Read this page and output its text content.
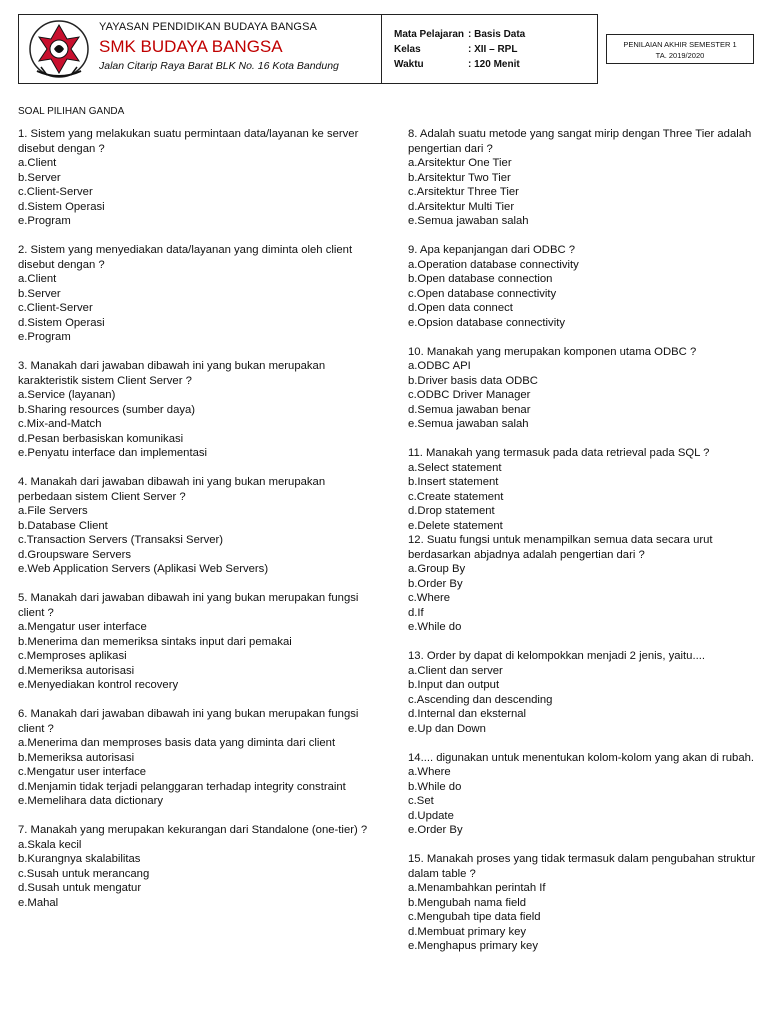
YAYASAN PENDIDIKAN BUDAYA BANGSA
SMK BUDAYA BANGSA
Jalan Citarip Raya Barat BLK No. 16 Kota Bandung
Mata Pelajaran : Basis Data
Kelas	: XII – RPL
Waktu	: 120 Menit
PENILAIAN AKHIR SEMESTER 1
TA. 2019/2020
SOAL PILIHAN GANDA
1. Sistem yang melakukan suatu permintaan data/layanan ke server disebut dengan ?
a.Client
b.Server
c.Client-Server
d.Sistem Operasi
e.Program
2. Sistem yang menyediakan data/layanan yang diminta oleh client disebut dengan ?
a.Client
b.Server
c.Client-Server
d.Sistem Operasi
e.Program
3. Manakah dari jawaban dibawah ini yang bukan merupakan karakteristik sistem Client Server ?
a.Service (layanan)
b.Sharing resources (sumber daya)
c.Mix-and-Match
d.Pesan berbasiskan komunikasi
e.Penyatu interface dan implementasi
4. Manakah dari jawaban dibawah ini yang bukan merupakan perbedaan sistem Client Server ?
a.File Servers
b.Database Client
c.Transaction Servers (Transaksi Server)
d.Groupsware Servers
e.Web Application Servers (Aplikasi Web Servers)
5. Manakah dari jawaban dibawah ini yang bukan merupakan fungsi client ?
a.Mengatur user interface
b.Menerima dan memeriksa sintaks input dari pemakai
c.Memproses aplikasi
d.Memeriksa autorisasi
e.Menyediakan kontrol recovery
6. Manakah dari jawaban dibawah ini yang bukan merupakan fungsi client ?
a.Menerima dan memproses basis data yang diminta dari client
b.Memeriksa autorisasi
c.Mengatur user interface
d.Menjamin tidak terjadi pelanggaran terhadap integrity constraint
e.Memelihara data dictionary
7. Manakah yang merupakan kekurangan dari Standalone (one-tier) ?
a.Skala kecil
b.Kurangnya skalabilitas
c.Susah untuk merancang
d.Susah untuk mengatur
e.Mahal
8. Adalah suatu metode yang sangat mirip dengan Three Tier adalah pengertian dari ?
a.Arsitektur One Tier
b.Arsitektur Two Tier
c.Arsitektur Three Tier
d.Arsitektur Multi Tier
e.Semua jawaban salah
9. Apa kepanjangan dari ODBC ?
a.Operation database connectivity
b.Open database connection
c.Open database connectivity
d.Open data connect
e.Opsion database connectivity
10. Manakah yang merupakan komponen utama ODBC ?
a.ODBC API
b.Driver basis data ODBC
c.ODBC Driver Manager
d.Semua jawaban benar
e.Semua jawaban salah
11. Manakah yang termasuk pada data retrieval pada SQL ?
a.Select statement
b.Insert statement
c.Create statement
d.Drop statement
e.Delete statement
12. Suatu fungsi untuk menampilkan semua data secara urut berdasarkan abjadnya adalah pengertian dari ?
a.Group By
b.Order By
c.Where
d.If
e.While do
13. Order by dapat di kelompokkan menjadi 2 jenis, yaitu....
a.Client dan server
b.Input dan output
c.Ascending dan descending
d.Internal dan eksternal
e.Up dan Down
14.... digunakan untuk menentukan kolom-kolom yang akan di rubah.
a.Where
b.While do
c.Set
d.Update
e.Order By
15. Manakah proses yang tidak termasuk dalam pengubahan struktur dalam table ?
a.Menambahkan perintah If
b.Mengubah nama field
c.Mengubah tipe data field
d.Membuat primary key
e.Menghapus primary key
